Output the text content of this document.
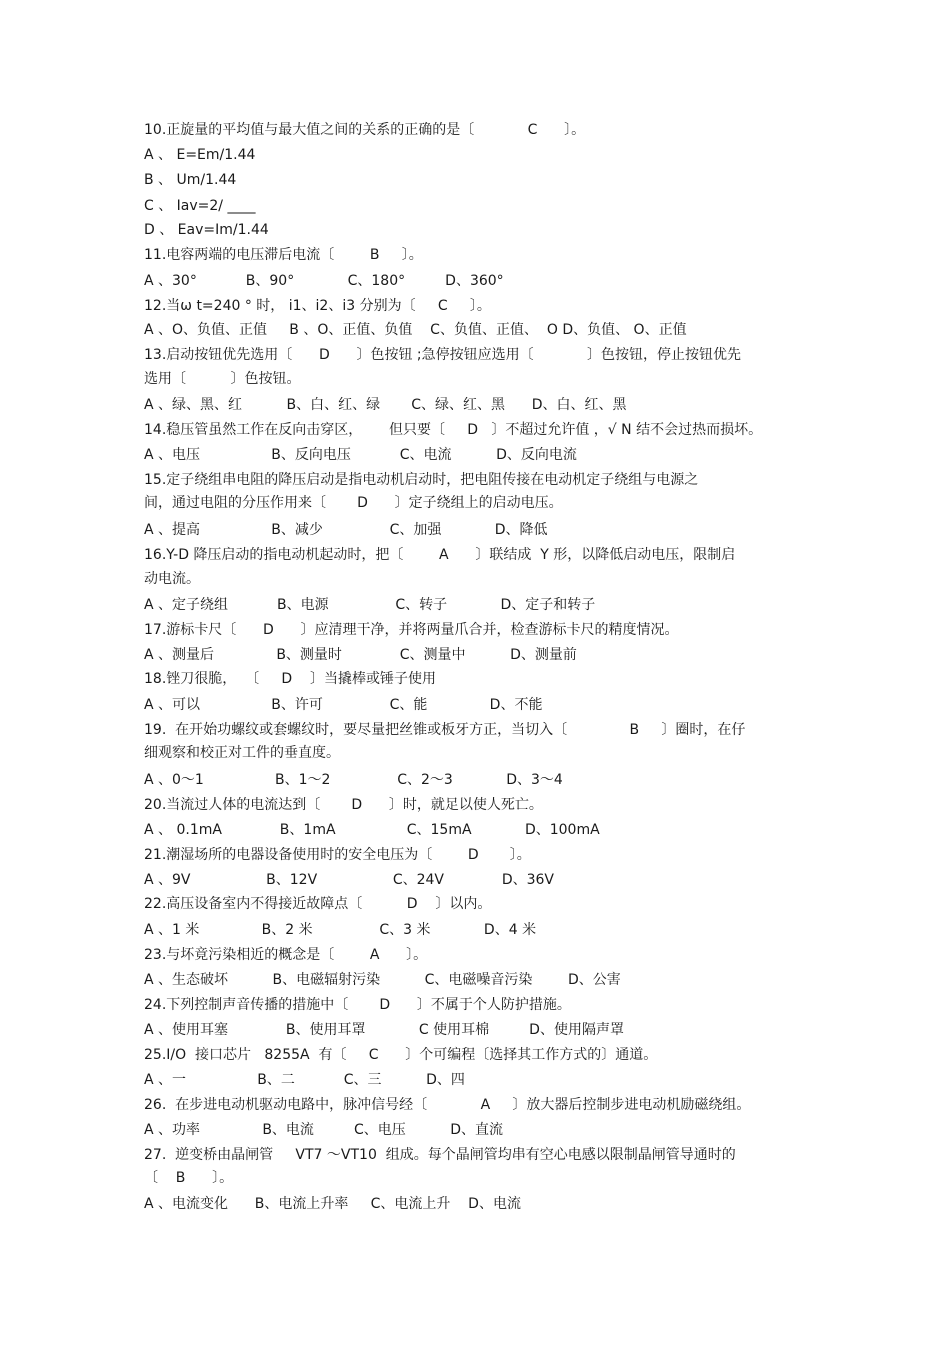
10.正旋量的平均值与最大值之间的关系的正确的是〔            C      〕。
A 、 E=Em/1.44
B 、 Um/1.44
C 、 Iav=2/ ____
D 、 Eav=Im/1.44
11.电容两端的电压滞后电流〔        B     〕。
A 、30°           B、90°            C、180°         D、360°
12.当ω t=240 ° 时， i1、i2、i3 分别为〔     C     〕。
A 、O、负值、正值     B 、O、正值、负值    C、负值、正值、  O D、负值、 O、正值
13.启动按钮优先选用〔      D      〕色按钮 ;急停按钮应选用〔            〕色按钮，停止按钮优先
选用〔          〕色按钮。
A 、绿、黑、红          B、白、红、绿       C、绿、红、黑      D、白、红、黑
14.稳压管虽然工作在反向击穿区，      但只要〔     D   〕不超过允许值 ，√ N 结不会过热而损坏。
A 、电压                B、反向电压           C、电流          D、反向电流
15.定子绕组串电阻的降压启动是指电动机启动时，把电阻传接在电动机定子绕组与电源之
间，通过电阻的分压作用来〔       D      〕定子绕组上的启动电压。
A 、提高                B、减少               C、加强            D、降低
16.Y-D 降压启动的指电动机起动时，把〔        A      〕联结成  Y 形，以降低启动电压，限制启
动电流。
A 、定子绕组           B、电源               C、转子            D、定子和转子
17.游标卡尺〔      D      〕应清理干净，并将两量爪合并，检查游标卡尺的精度情况。
A 、测量后              B、测量时             C、测量中          D、测量前
18.锉刀很脆，  〔     D    〕当撬棒或锤子使用
A 、可以                B、许可               C、能              D、不能
19.  在开始功螺纹或套螺纹时，要尽量把丝锥或板牙方正，当切入〔              B     〕圈时，在仔
细观察和校正对工件的垂直度。
A 、0～1                B、1～2               C、2～3            D、3～4
20.当流过人体的电流达到〔       D      〕时，就足以使人死亡。
A 、 0.1mA             B、1mA                C、15mA            D、100mA
21.潮湿场所的电器设备使用时的安全电压为〔        D       〕。
A 、9V                 B、12V                 C、24V             D、36V
22.高压设备室内不得接近故障点〔          D    〕以内。
A 、1 米              B、2 米               C、3 米            D、4 米
23.与坏竟污染相近的概念是〔        A      〕。
A 、生态破坏          B、电磁辐射污染          C、电磁噪音污染        D、公害
24.下列控制声音传播的措施中〔       D      〕不属于个人防护措施。
A 、使用耳塞             B、使用耳罩            C 使用耳棉         D、使用隔声罩
25.I/O  接口芯片   8255A  有〔     C      〕个可编程〔选择其工作方式的〕通道。
A 、一                B、二           C、三          D、四
26.  在步进电动机驱动电路中，脉冲信号经〔            A     〕放大器后控制步进电动机励磁绕组。
A 、功率              B、电流         C、电压          D、直流
27.  逆变桥由晶闸管     VT7 ～VT10  组成。每个晶闸管均串有空心电感以限制晶闸管导通时的
〔    B      〕。
A 、电流变化      B、电流上升率     C、电流上升    D、电流
